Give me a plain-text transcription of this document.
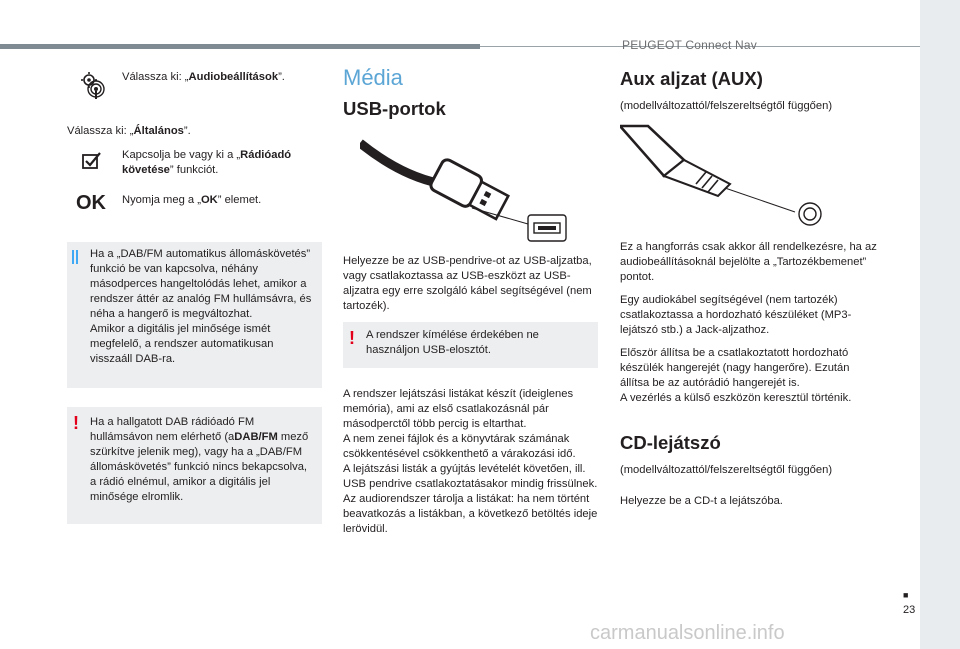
PEUGEOT Connect Nav
Válassza ki: „Audiobeállítások”.
Válassza ki: „Általános”.
Kapcsolja be vagy ki a „Rádióadó követése” funkciót.
OK Nyomja meg a „OK” elemet.

Ha a „DAB/FM automatikus állomáskövetés” funkció be van kapcsolva, néhány másodperces hangeltolódás lehet, amikor a rendszer áttér az analóg FM hullámsávra, és néha a hangerő is megváltozhat.

Amikor a digitális jel minősége ismét megfelelő, a rendszer automatikusan visszaáll DAB-ra.

! Ha a hallgatott DAB rádióadó FM hullámsávon nem elérhető (aDAB/FM mező szürkítve jelenik meg), vagy ha a „DAB/FM állomáskövetés” funkció nincs bekapcsolva, a rádió elnémul, amikor a digitális jel minősége elromlik.
Média
USB-portok

Helyezze be az USB-pendrive-ot az USB-aljzatba, vagy csatlakoztassa az USB-eszközt az USB-aljzatra egy erre szolgáló kábel segítségével (nem tartozék).

! A rendszer kímélése érdekében ne használjon USB-elosztót.

A rendszer lejátszási listákat készít (ideiglenes memória), ami az első csatlakozásnál pár másodperctől több percig is eltarthat.

A nem zenei fájlok és a könyvtárak számának csökkentésével csökkenthető a várakozási idő.

A lejátszási listák a gyújtás levételét követően, ill. USB pendrive csatlakoztatásakor mindig frissülnek. Az audiorendszer tárolja a listákat: ha nem történt beavatkozás a listákban, a következő betöltés ideje lerövidül.

Aux aljzat (AUX)

(modellváltozattól/felszereltségtől függően)

Ez a hangforrás csak akkor áll rendelkezésre, ha az audiobeállításoknál bejelölte a „Tartozékbemenet” pontot.

Egy audiokábel segítségével (nem tartozék) csatlakoztassa a hordozható készüléket (MP3-lejátszó stb.) a Jack-aljzathoz.

Először állítsa be a csatlakoztatott hordozható készülék hangerejét (nagy hangerőre). Ezután állítsa be az autórádió hangerejét is.

A vezérlés a külső eszközön keresztül történik.

CD-lejátszó

(modellváltozattól/felszereltségtől függően)

Helyezze be a CD-t a lejátszóba.

■
23
carmanualsonline.info
